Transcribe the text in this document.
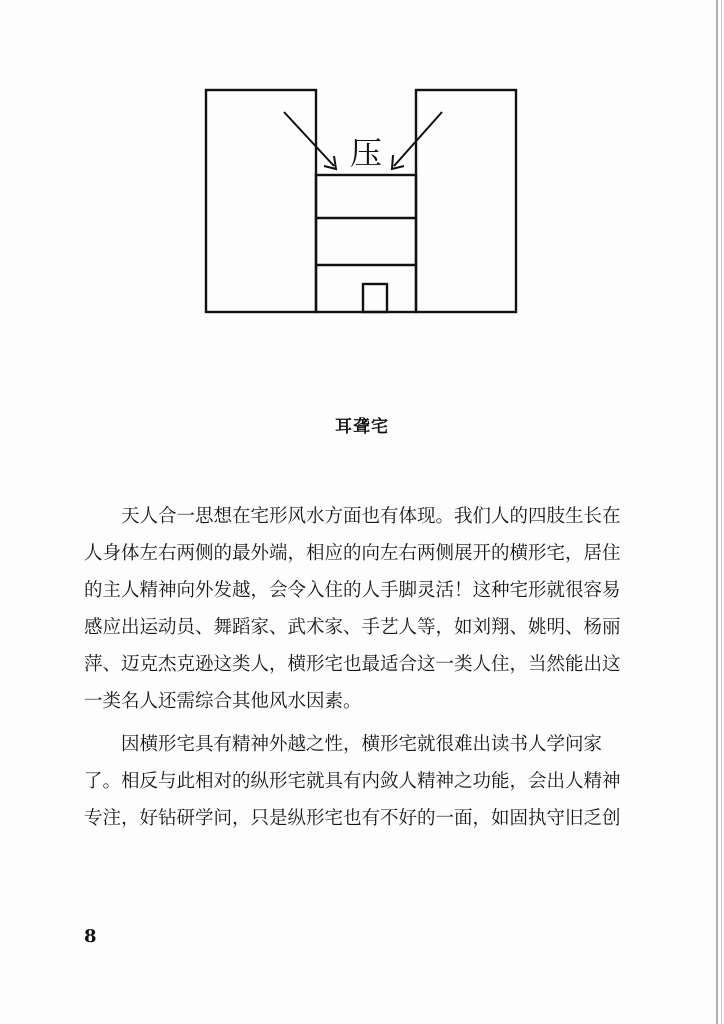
压
耳聋宅
天人合一思想在宅形风水方面也有体现。我们人的四肢生长在
人身体左右两侧的最外端，相应的向左右两侧展开的横形宅，居住
的主人精神向外发越，会令入住的人手脚灵活！这种宅形就很容易
感应出运动员、舞蹈家、武术家、手艺人等，如刘翔、姚明、杨丽
萍、迈克杰克逊这类人，横形宅也最适合这一类人住，当然能出这
一类名人还需综合其他风水因素。
因横形宅具有精神外越之性，横形宅就很难出读书人学问家
了。相反与此相对的纵形宅就具有内敛人精神之功能，会出人精神
专注，好钻研学问，只是纵形宅也有不好的一面，如固执守旧乏创
8
